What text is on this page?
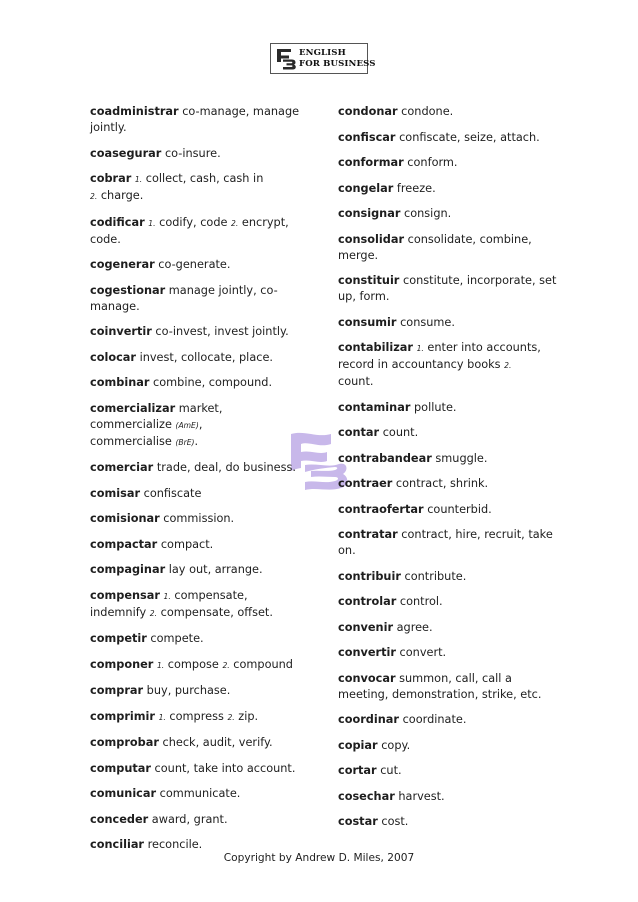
ENGLISH
FOR BUSINESS
coadministrar co-manage, manage
jointly.
coasegurar co-insure.
cobrar 1. collect, cash, cash in
2. charge.
codificar 1. codify, code 2. encrypt,
code.
cogenerar co-generate.
cogestionar manage jointly, co-
manage.
coinvertir co-invest, invest jointly.
colocar invest, collocate, place.
combinar combine, compound.
comercializar market,
commercialize (AmE),
commercialise (BrE).
comerciar trade, deal, do business.
comisar confiscate
comisionar commission.
compactar compact.
compaginar lay out, arrange.
compensar 1. compensate,
indemnify 2. compensate, offset.
competir compete.
componer 1. compose 2. compound
comprar buy, purchase.
comprimir 1. compress 2. zip.
comprobar check, audit, verify.
computar count, take into account.
comunicar communicate.
conceder award, grant.
conciliar reconcile.
condonar condone.
confiscar confiscate, seize, attach.
conformar conform.
congelar freeze.
consignar consign.
consolidar consolidate, combine,
merge.
constituir constitute, incorporate, set
up, form.
consumir consume.
contabilizar 1. enter into accounts,
record in accountancy books 2.
count.
contaminar pollute.
contar count.
contrabandear smuggle.
contraer contract, shrink.
contraofertar counterbid.
contratar contract, hire, recruit, take
on.
contribuir contribute.
controlar control.
convenir agree.
convertir convert.
convocar summon, call, call a
meeting, demonstration, strike, etc.
coordinar coordinate.
copiar copy.
cortar cut.
cosechar harvest.
costar cost.
Copyright by Andrew D. Miles, 2007
